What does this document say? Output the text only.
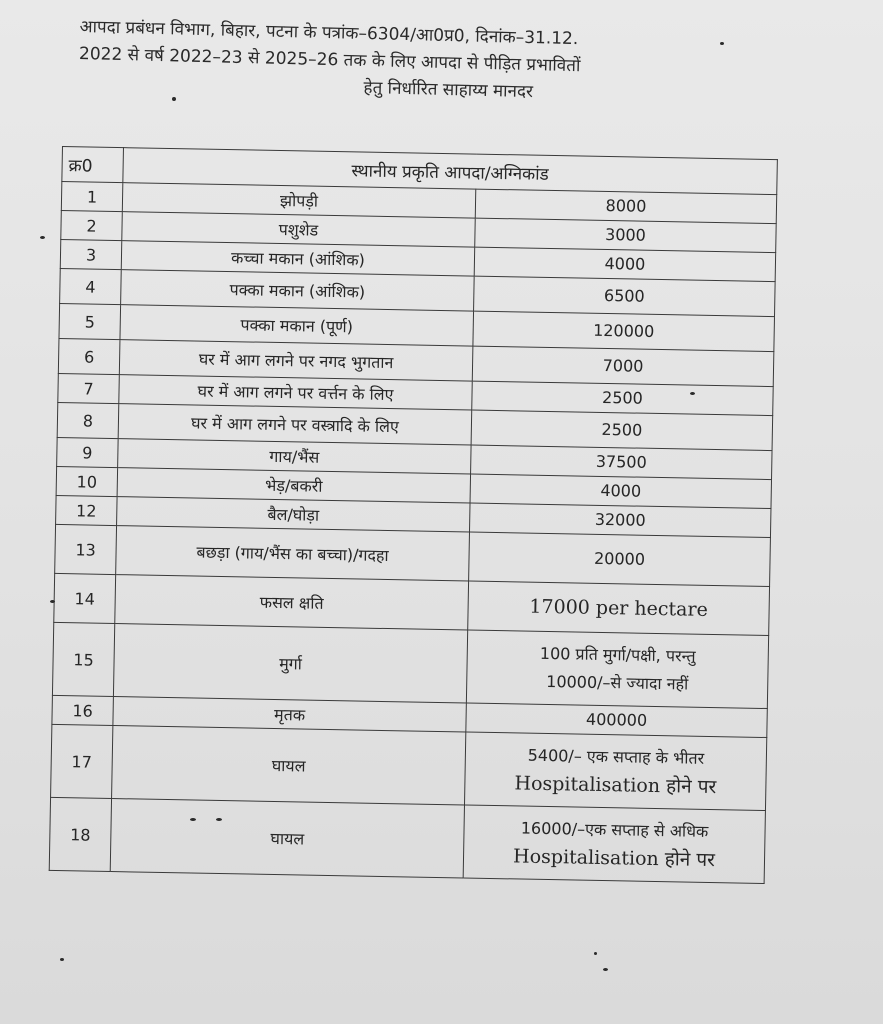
आपदा प्रबंधन विभाग, बिहार, पटना के पत्रांक–6304/आ0प्र0, दिनांक–31.12.
2022 से वर्ष 2022–23 से 2025–26 तक के लिए आपदा से पीड़ित प्रभावितों
हेतु निर्धारित साहाय्य मानदर
क्र0	स्थानीय प्रकृति आपदा/अग्निकांड	
1	झोपड़ी	8000

2	पशुशेड	3000

3	कच्चा मकान (आंशिक)	4000

4	पक्का मकान (आंशिक)	6500

5	पक्का मकान (पूर्ण)	120000

6	घर में आग लगने पर नगद भुगतान	7000

7	घर में आग लगने पर वर्त्तन के लिए	2500

8	घर में आग लगने पर वस्त्रादि के लिए	2500

9	गाय/भैंस	37500

10	भेड़/बकरी	4000

12	बैल/घोड़ा	32000

13	बछड़ा (गाय/भैंस का बच्चा)/गदहा	20000

14	फसल क्षति	17000 per hectare

15	मुर्गा	100 प्रति मुर्गा/पक्षी, परन्तु
10000/–से ज्यादा नहीं

16	मृतक	400000

17	घायल	5400/– एक सप्ताह के भीतर
Hospitalisation होने पर

18	घायल	16000/–एक सप्ताह से अधिक
Hospitalisation होने पर
